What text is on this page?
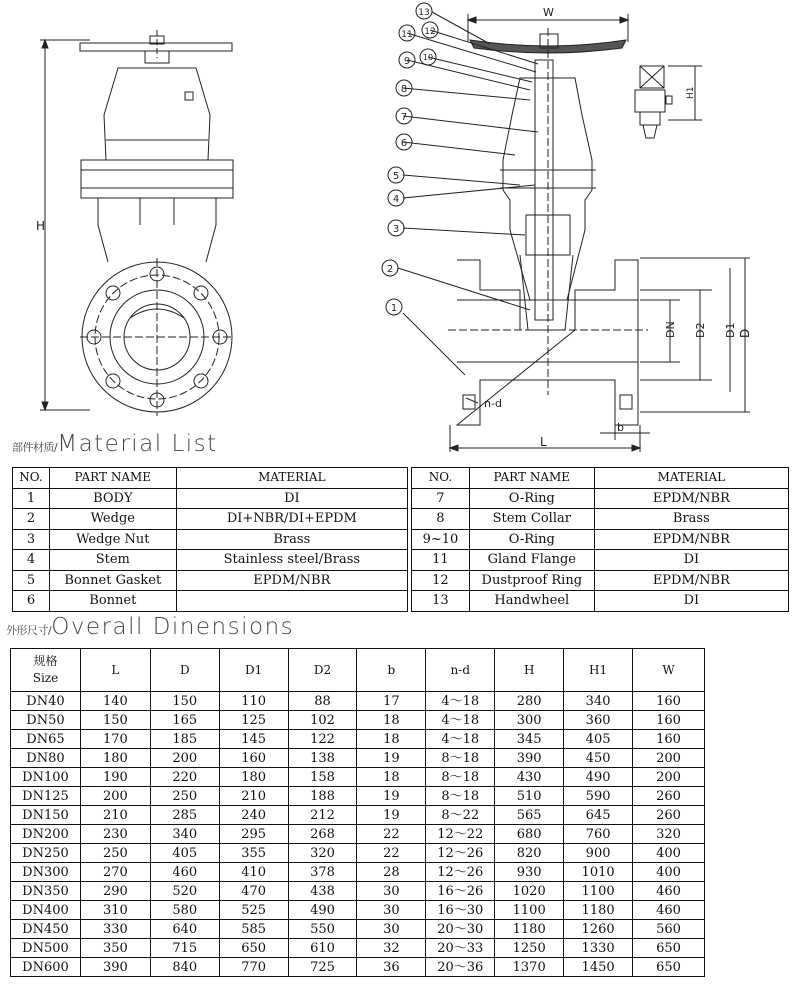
H
W
H1
DN D2 D1 D
L
b
n-d
1
2
3
4
5
6
7
8
9 10
11 12
13
部件材质/Material List
NO.	PART NAME	MATERIAL
1	BODY	DI
2	Wedge	DI+NBR/DI+EPDM
3	Wedge Nut	Brass
4	Stem	Stainless steel/Brass
5	Bonnet Gasket	EPDM/NBR
6	Bonnet	
NO.	PART NAME	MATERIAL
7	O-Ring	EPDM/NBR
8	Stem Collar	Brass
9~10	O-Ring	EPDM/NBR
11	Gland Flange	DI
12	Dustproof Ring	EPDM/NBR
13	Handwheel	DI
外形尺寸/Overall Dinensions
规格
Size	L	D	D1	D2	b	n-d	H	H1	W
DN40	140	150	110	88	17	4～18	280	340	160
DN50	150	165	125	102	18	4～18	300	360	160
DN65	170	185	145	122	18	4～18	345	405	160
DN80	180	200	160	138	19	8～18	390	450	200
DN100	190	220	180	158	18	8～18	430	490	200
DN125	200	250	210	188	19	8～18	510	590	260
DN150	210	285	240	212	19	8～22	565	645	260
DN200	230	340	295	268	22	12～22	680	760	320
DN250	250	405	355	320	22	12～26	820	900	400
DN300	270	460	410	378	28	12～26	930	1010	400
DN350	290	520	470	438	30	16～26	1020	1100	460
DN400	310	580	525	490	30	16～30	1100	1180	460
DN450	330	640	585	550	30	20～30	1180	1260	560
DN500	350	715	650	610	32	20～33	1250	1330	650
DN600	390	840	770	725	36	20～36	1370	1450	650
